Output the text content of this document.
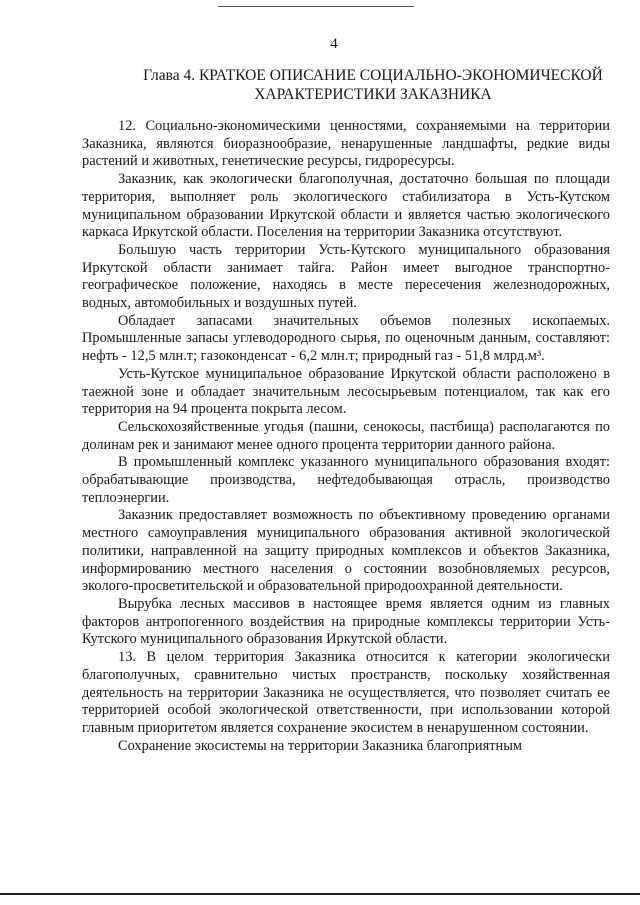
4
Глава 4. КРАТКОЕ ОПИСАНИЕ СОЦИАЛЬНО-ЭКОНОМИЧЕСКОЙ
ХАРАКТЕРИСТИКИ ЗАКАЗНИКА

12. Социально-экономическими ценностями, сохраняемыми на территории Заказника, являются биоразнообразие, ненарушенные ландшафты, редкие виды растений и животных, генетические ресурсы, гидроресурсы.

Заказник, как экологически благополучная, достаточно большая по площади территория, выполняет роль экологического стабилизатора в Усть-Кутском муниципальном образовании Иркутской области и является частью экологического каркаса Иркутской области. Поселения на территории Заказника отсутствуют.

Большую часть территории Усть-Кутского муниципального образования Иркутской области занимает тайга. Район имеет выгодное транспортно-географическое положение, находясь в месте пересечения железнодорожных, водных, автомобильных и воздушных путей.

Обладает запасами значительных объемов полезных ископаемых. Промышленные запасы углеводородного сырья, по оценочным данным, составляют: нефть - 12,5 млн.т; газоконденсат - 6,2 млн.т; природный газ - 51,8 млрд.м³.

Усть-Кутское муниципальное образование Иркутской области расположено в таежной зоне и обладает значительным лесосырьевым потенциалом, так как его территория на 94 процента покрыта лесом.

Сельскохозяйственные угодья (пашни, сенокосы, пастбища) располагаются по долинам рек и занимают менее одного процента территории данного района.

В промышленный комплекс указанного муниципального образования входят: обрабатывающие производства, нефтедобывающая отрасль, производство теплоэнергии.

Заказник предоставляет возможность по объективному проведению органами местного самоуправления муниципального образования активной экологической политики, направленной на защиту природных комплексов и объектов Заказника, информированию местного населения о состоянии возобновляемых ресурсов, эколого-просветительской и образовательной природоохранной деятельности.

Вырубка лесных массивов в настоящее время является одним из главных факторов антропогенного воздействия на природные комплексы территории Усть-Кутского муниципального образования Иркутской области.

13. В целом территория Заказника относится к категории экологически благополучных, сравнительно чистых пространств, поскольку хозяйственная деятельность на территории Заказника не осуществляется, что позволяет считать ее территорией особой экологической ответственности, при использовании которой главным приоритетом является сохранение экосистем в ненарушенном состоянии.

Сохранение экосистемы на территории Заказника благоприятным
